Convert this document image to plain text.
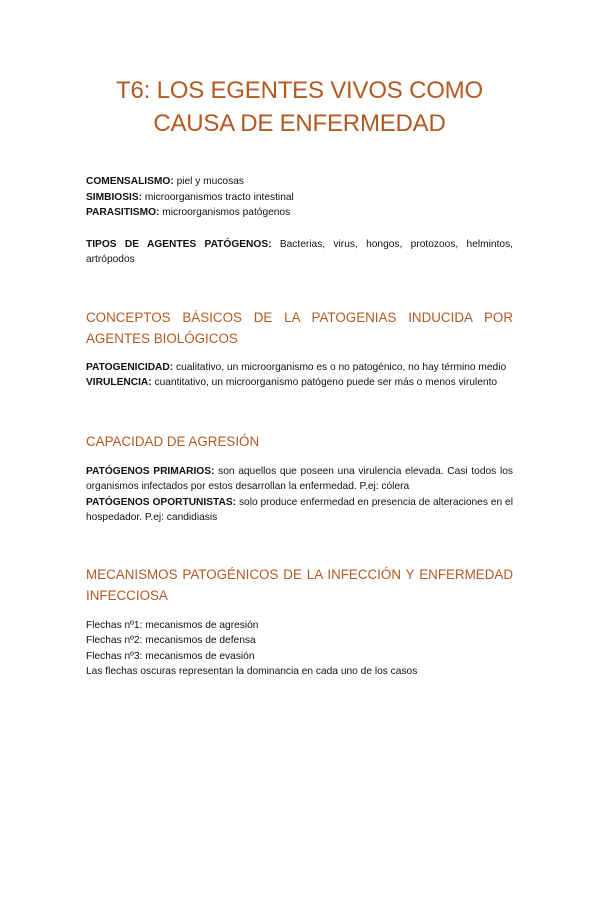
T6: LOS EGENTES VIVOS COMO CAUSA DE ENFERMEDAD

COMENSALISMO: piel y mucosas

SIMBIOSIS: microorganismos tracto intestinal

PARASITISMO: microorganismos patógenos

TIPOS DE AGENTES PATÓGENOS: Bacterias, virus, hongos, protozoos, helmintos, artrópodos

CONCEPTOS BÁSICOS DE LA PATOGENIAS INDUCIDA POR AGENTES BIOLÓGICOS

PATOGENICIDAD: cualitativo, un microorganismo es o no patogénico, no hay término medio

VIRULENCIA: cuantitativo, un microorganismo patógeno puede ser más o menos virulento

CAPACIDAD DE AGRESIÓN

PATÓGENOS PRIMARIOS: son aquellos que poseen una virulencia elevada. Casi todos los organismos infectados por estos desarrollan la enfermedad. P.ej: cólera

PATÓGENOS OPORTUNISTAS: solo produce enfermedad en presencia de alteraciones en el hospedador. P.ej: candidiasis

MECANISMOS PATOGÉNICOS DE LA INFECCIÓN Y ENFERMEDAD INFECCIOSA

Flechas nº1: mecanismos de agresión

Flechas nº2: mecanismos de defensa

Flechas nº3: mecanismos de evasión

Las flechas oscuras representan la dominancia en cada uno de los casos
